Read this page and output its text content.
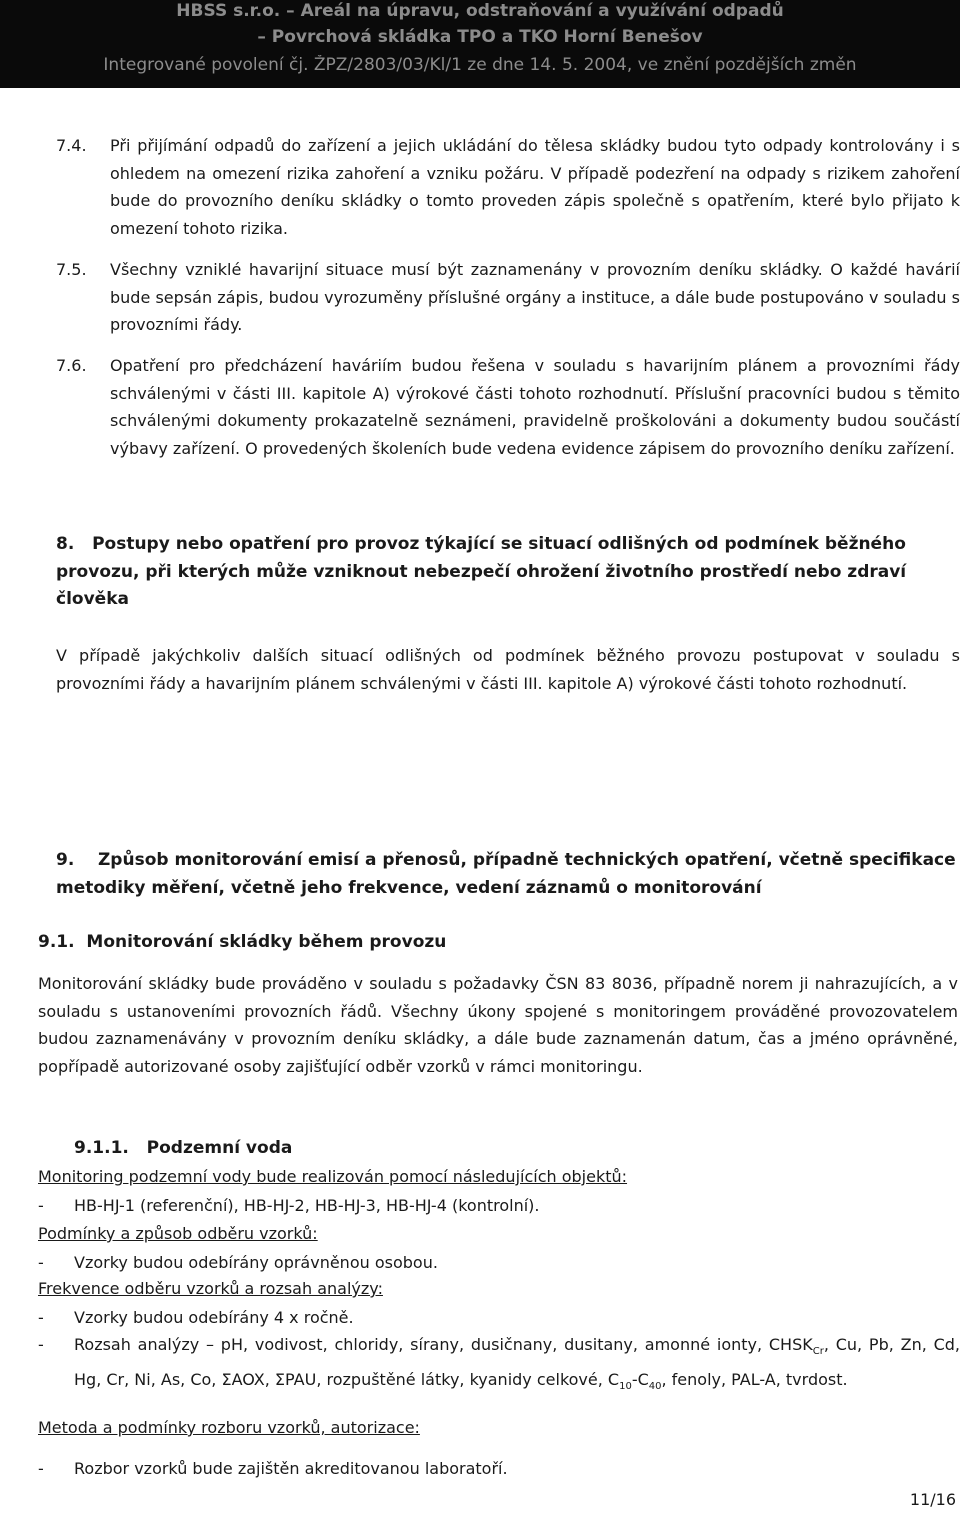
HBSS s.r.o. – Areál na úpravu, odstraňování a využívání odpadů
– Povrchová skládka TPO a TKO Horní Benešov
Integrované povolení čj. ŽPZ/2803/03/Kl/1 ze dne 14. 5. 2004, ve znění pozdějších změn
7.4. Při přijímání odpadů do zařízení a jejich ukládání do tělesa skládky budou tyto odpady kontrolovány i s ohledem na omezení rizika zahoření a vzniku požáru. V případě podezření na odpady s rizikem zahoření bude do provozního deníku skládky o tomto proveden zápis společně s opatřením, které bylo přijato k omezení tohoto rizika.
7.5. Všechny vzniklé havarijní situace musí být zaznamenány v provozním deníku skládky. O každé havárií bude sepsán zápis, budou vyrozuměny příslušné orgány a instituce, a dále bude postupováno v souladu s provozními řády.
7.6. Opatření pro předcházení haváriím budou řešena v souladu s havarijním plánem a provozními řády schválenými v části III. kapitole A) výrokové části tohoto rozhodnutí. Příslušní pracovníci budou s těmito schválenými dokumenty prokazatelně seznámeni, pravidelně proškolováni a dokumenty budou součástí výbavy zařízení. O provedených školeních bude vedena evidence zápisem do provozního deníku zařízení.
8. Postupy nebo opatření pro provoz týkající se situací odlišných od podmínek běžného provozu, při kterých může vzniknout nebezpečí ohrožení životního prostředí nebo zdraví člověka
V případě jakýchkoliv dalších situací odlišných od podmínek běžného provozu postupovat v souladu s provozními řády a havarijním plánem schválenými v části III. kapitole A) výrokové části tohoto rozhodnutí.
9. Způsob monitorování emisí a přenosů, případně technických opatření, včetně specifikace metodiky měření, včetně jeho frekvence, vedení záznamů o monitorování
9.1. Monitorování skládky během provozu
Monitorování skládky bude prováděno v souladu s požadavky ČSN 83 8036, případně norem ji nahrazujících, a v souladu s ustanoveními provozních řádů. Všechny úkony spojené s monitoringem prováděné provozovatelem budou zaznamenávány v provozním deníku skládky, a dále bude zaznamenán datum, čas a jméno oprávněné, popřípadě autorizované osoby zajišťující odběr vzorků v rámci monitoringu.
9.1.1. Podzemní voda
Monitoring podzemní vody bude realizován pomocí následujících objektů:
- HB-HJ-1 (referenční), HB-HJ-2, HB-HJ-3, HB-HJ-4 (kontrolní).
Podmínky a způsob odběru vzorků:
- Vzorky budou odebírány oprávněnou osobou.
Frekvence odběru vzorků a rozsah analýzy:
- Vzorky budou odebírány 4 x ročně.
- Rozsah analýzy – pH, vodivost, chloridy, sírany, dusičnany, dusitany, amonné ionty, $CHSK_{Cr}$, Cu, Pb, Zn, Cd, Hg, Cr, Ni, As, Co, ΣAOX, ΣPAU, rozpuštěné látky, kyanidy celkové, $C_{10}-C_{40}$, fenoly, PAL-A, tvrdost.
Metoda a podmínky rozboru vzorků, autorizace:
- Rozbor vzorků bude zajištěn akreditovanou laboratoří.
11/16
